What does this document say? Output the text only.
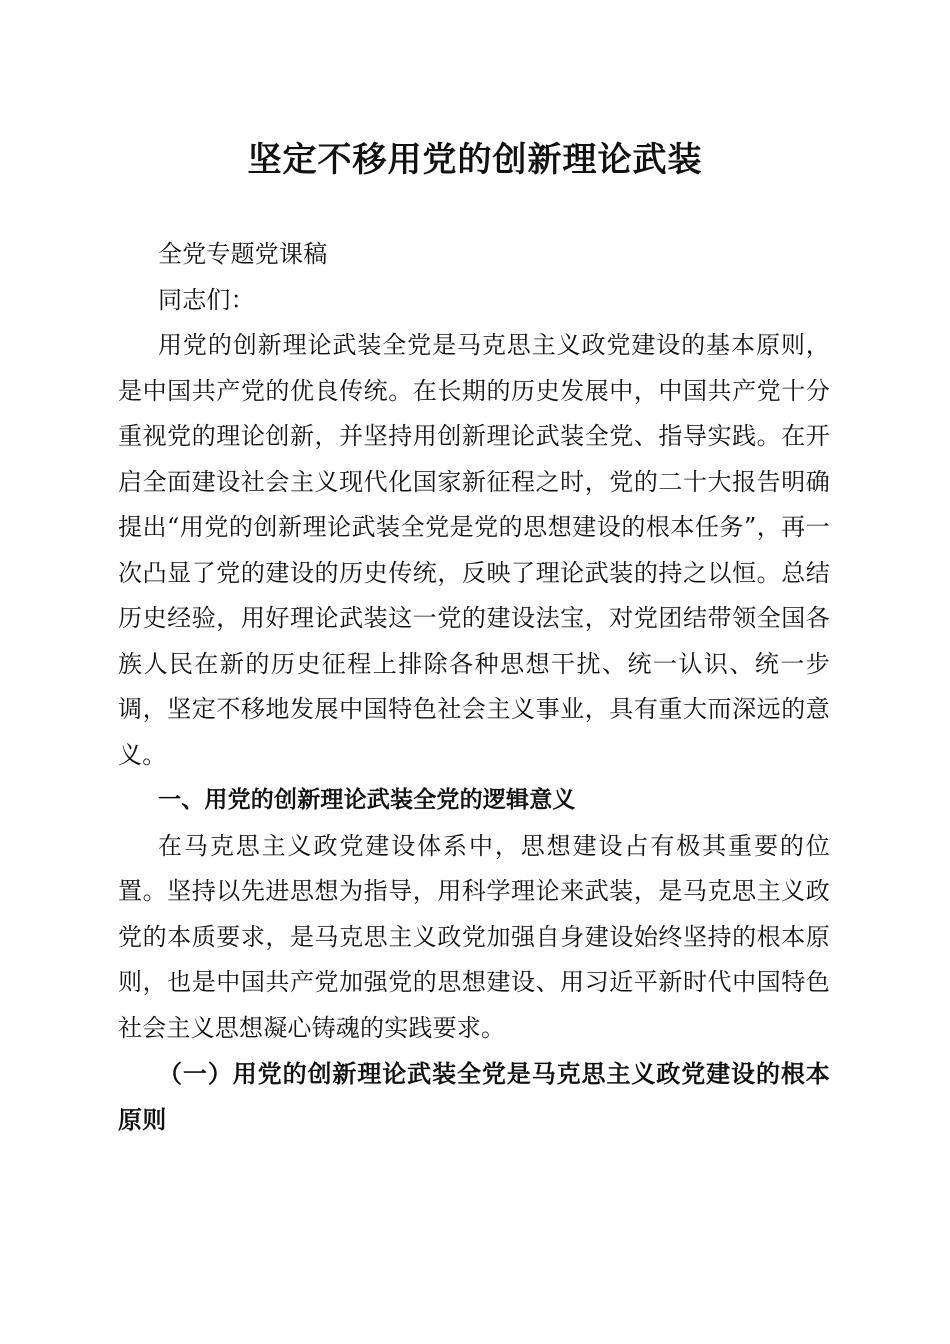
坚定不移用党的创新理论武装

全党专题党课稿

同志们：

用党的创新理论武装全党是马克思主义政党建设的基本原则，是中国共产党的优良传统。在长期的历史发展中，中国共产党十分重视党的理论创新，并坚持用创新理论武装全党、指导实践。在开启全面建设社会主义现代化国家新征程之时，党的二十大报告明确提出“用党的创新理论武装全党是党的思想建设的根本任务”，再一次凸显了党的建设的历史传统，反映了理论武装的持之以恒。总结历史经验，用好理论武装这一党的建设法宝，对党团结带领全国各族人民在新的历史征程上排除各种思想干扰、统一认识、统一步调，坚定不移地发展中国特色社会主义事业，具有重大而深远的意义。

一、用党的创新理论武装全党的逻辑意义

在马克思主义政党建设体系中，思想建设占有极其重要的位置。坚持以先进思想为指导，用科学理论来武装，是马克思主义政党的本质要求，是马克思主义政党加强自身建设始终坚持的根本原则，也是中国共产党加强党的思想建设、用习近平新时代中国特色社会主义思想凝心铸魂的实践要求。

（一）用党的创新理论武装全党是马克思主义政党建设的根本原则
